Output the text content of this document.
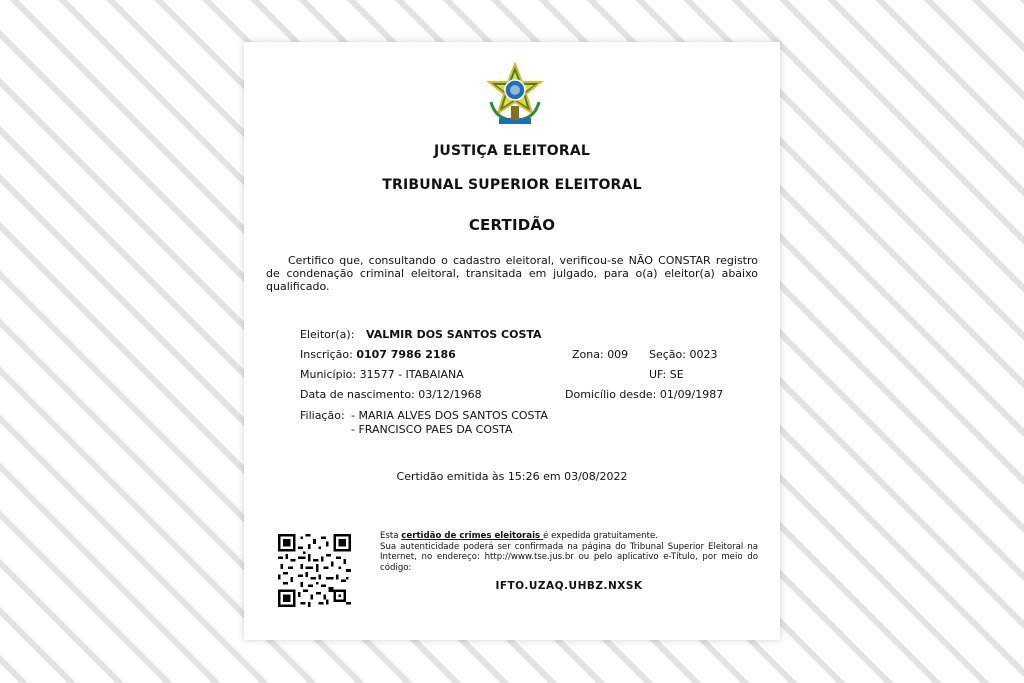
JUSTIÇA ELEITORAL
TRIBUNAL SUPERIOR ELEITORAL
CERTIDÃO

Certifico que, consultando o cadastro eleitoral, verificou-se NÃO CONSTAR registro de condenação criminal eleitoral, transitada em julgado, para o(a) eleitor(a) abaixo qualificado.

Eleitor(a): VALMIR DOS SANTOS COSTA
Inscrição: 0107 7986 2186	Zona: 009 Seção: 0023
Município: 31577 - ITABAIANA	UF: SE
Data de nascimento: 03/12/1968	Domicílio desde: 01/09/1987
Filiação: - MARIA ALVES DOS SANTOS COSTA
- FRANCISCO PAES DA COSTA
Certidão emitida às 15:26 em 03/08/2022
Esta certidão de crimes eleitorais é expedida gratuitamente.
Sua autenticidade poderá ser confirmada na página do Tribunal Superior Eleitoral na Internet, no endereço: http://www.tse.jus.br ou pelo aplicativo e-Título, por meio do código:
IFTO.UZAQ.UHBZ.NXSK
